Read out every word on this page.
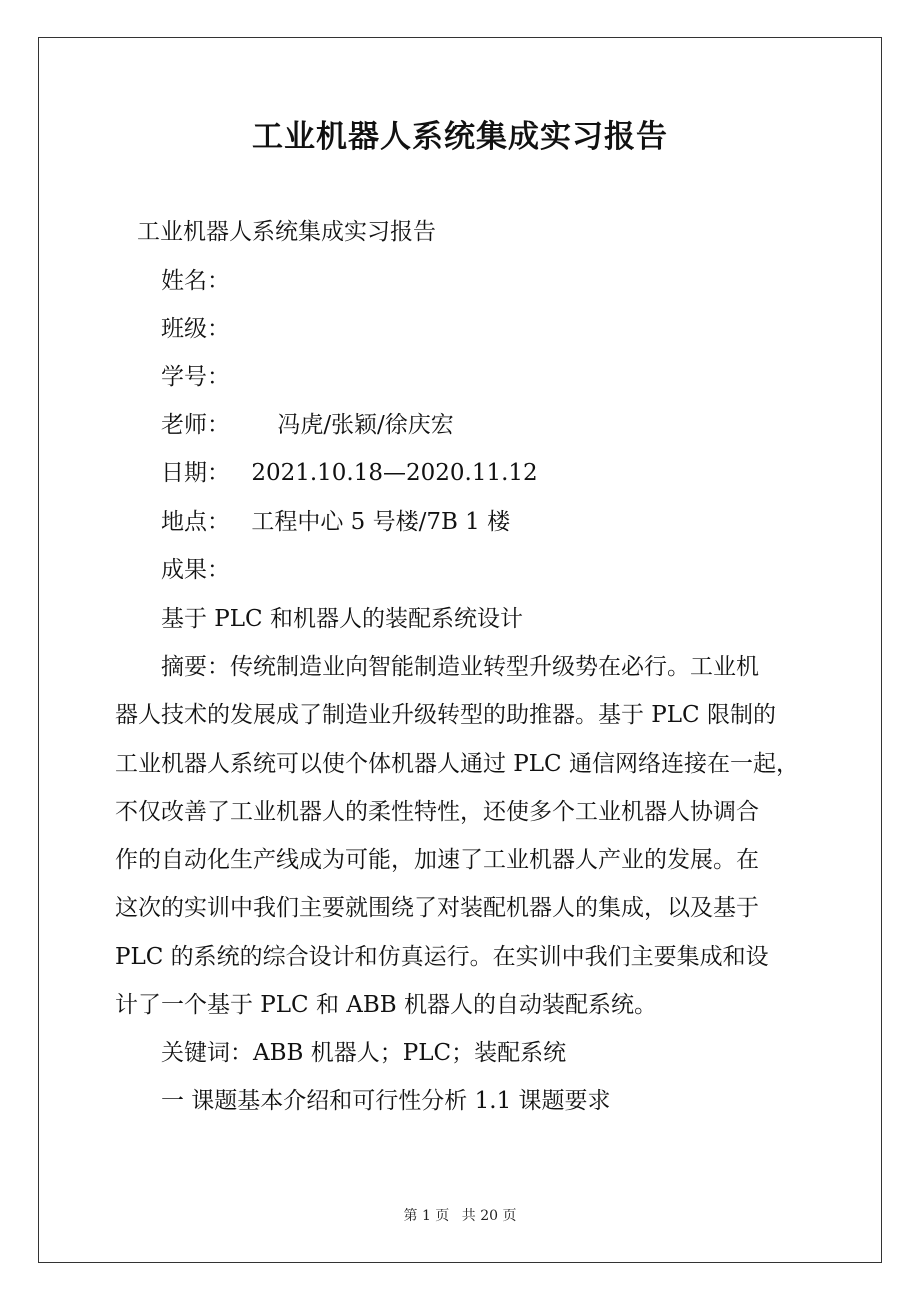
工业机器人系统集成实习报告

工业机器人系统集成实习报告

姓名：

班级：

学号：

老师： 冯虎/张颖/徐庆宏

日期： 2021.10.18—2020.11.12

地点： 工程中心 5 号楼/7B 1 楼

成果：

基于 PLC 和机器人的装配系统设计

摘要：传统制造业向智能制造业转型升级势在必行。工业机

器人技术的发展成了制造业升级转型的助推器。基于 PLC 限制的

工业机器人系统可以使个体机器人通过 PLC 通信网络连接在一起，

不仅改善了工业机器人的柔性特性，还使多个工业机器人协调合

作的自动化生产线成为可能，加速了工业机器人产业的发展。在

这次的实训中我们主要就围绕了对装配机器人的集成，以及基于

PLC 的系统的综合设计和仿真运行。在实训中我们主要集成和设

计了一个基于 PLC 和 ABB 机器人的自动装配系统。

关键词：ABB 机器人；PLC；装配系统

一 课题基本介绍和可行性分析 1.1 课题要求

第 1 页 共 20 页
